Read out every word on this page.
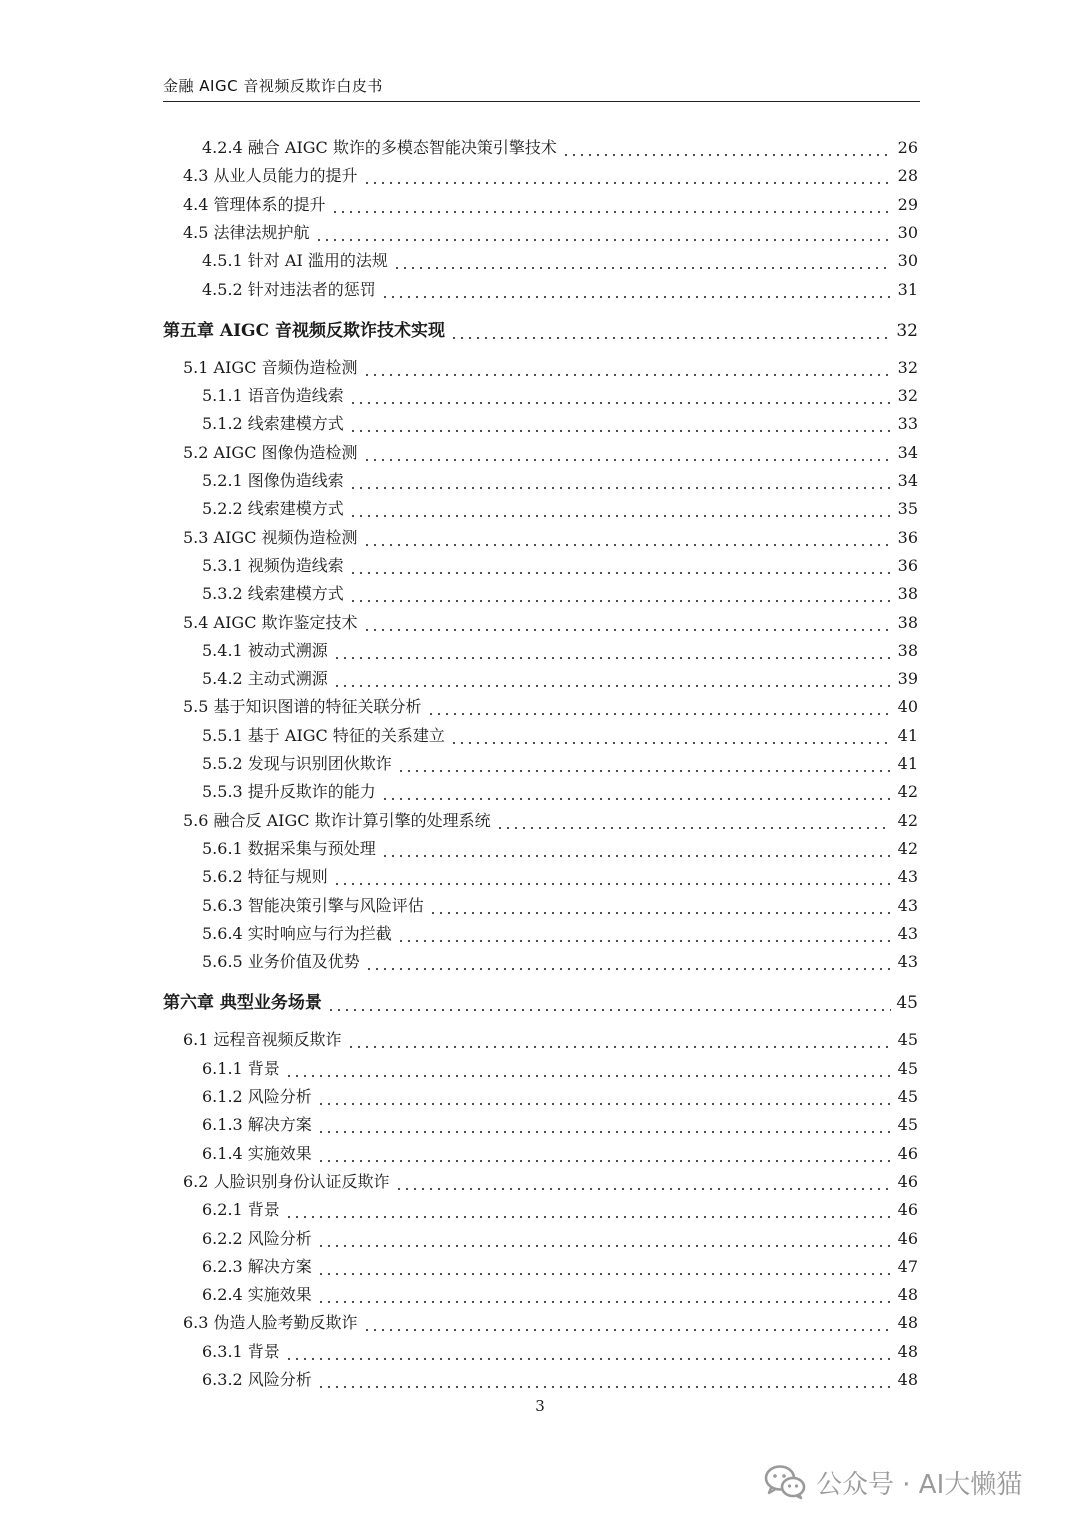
金融 AIGC 音视频反欺诈白皮书
4.2.4 融合 AIGC 欺诈的多模态智能决策引擎技术	26
4.3 从业人员能力的提升	28
4.4 管理体系的提升	29
4.5 法律法规护航	30
4.5.1 针对 AI 滥用的法规	30
4.5.2 针对违法者的惩罚	31
第五章 AIGC 音视频反欺诈技术实现	32
5.1 AIGC 音频伪造检测	32
5.1.1 语音伪造线索	32
5.1.2 线索建模方式	33
5.2 AIGC 图像伪造检测	34
5.2.1 图像伪造线索	34
5.2.2 线索建模方式	35
5.3 AIGC 视频伪造检测	36
5.3.1 视频伪造线索	36
5.3.2 线索建模方式	38
5.4 AIGC 欺诈鉴定技术	38
5.4.1 被动式溯源	38
5.4.2 主动式溯源	39
5.5 基于知识图谱的特征关联分析	40
5.5.1 基于 AIGC 特征的关系建立	41
5.5.2 发现与识别团伙欺诈	41
5.5.3 提升反欺诈的能力	42
5.6 融合反 AIGC 欺诈计算引擎的处理系统	42
5.6.1 数据采集与预处理	42
5.6.2 特征与规则	43
5.6.3 智能决策引擎与风险评估	43
5.6.4 实时响应与行为拦截	43
5.6.5 业务价值及优势	43
第六章 典型业务场景	45
6.1 远程音视频反欺诈	45
6.1.1 背景	45
6.1.2 风险分析	45
6.1.3 解决方案	45
6.1.4 实施效果	46
6.2 人脸识别身份认证反欺诈	46
6.2.1 背景	46
6.2.2 风险分析	46
6.2.3 解决方案	47
6.2.4 实施效果	48
6.3 伪造人脸考勤反欺诈	48
6.3.1 背景	48
6.3.2 风险分析	48
3
公众号 · AI大懒猫
